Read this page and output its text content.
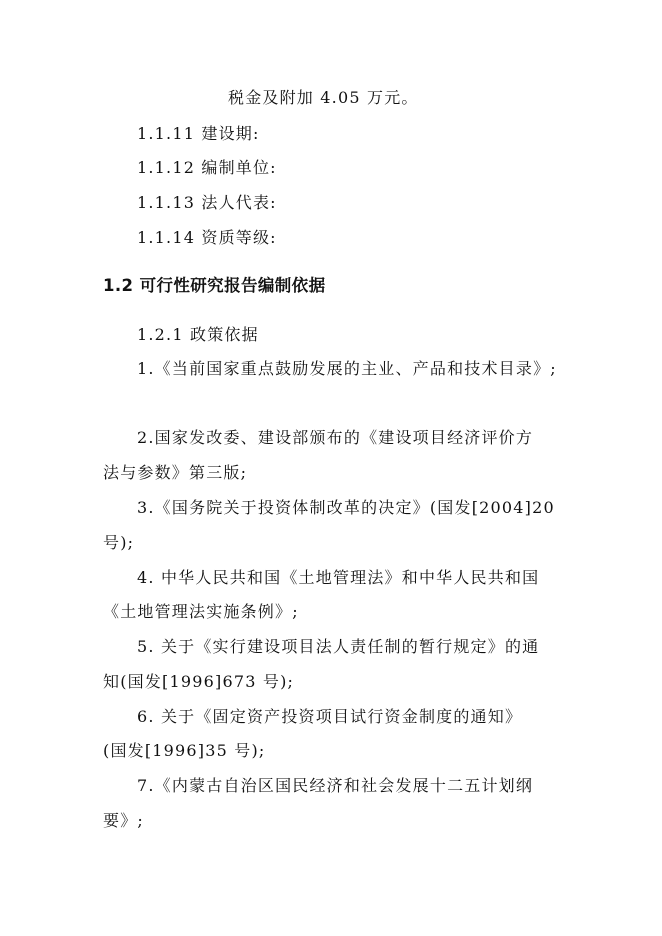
税金及附加 4.05 万元。
1.1.11 建设期:
1.1.12 编制单位:
1.1.13 法人代表:
1.1.14 资质等级:
1.2 可行性研究报告编制依据
1.2.1 政策依据
1.《当前国家重点鼓励发展的主业、产品和技术目录》;
2.国家发改委、建设部颁布的《建设项目经济评价方
法与参数》第三版;
3.《国务院关于投资体制改革的决定》(国发[2004]20
号);
4. 中华人民共和国《土地管理法》和中华人民共和国
《土地管理法实施条例》;
5. 关于《实行建设项目法人责任制的暂行规定》的通
知(国发[1996]673 号);
6. 关于《固定资产投资项目试行资金制度的通知》
(国发[1996]35 号);
7.《内蒙古自治区国民经济和社会发展十二五计划纲
要》;
